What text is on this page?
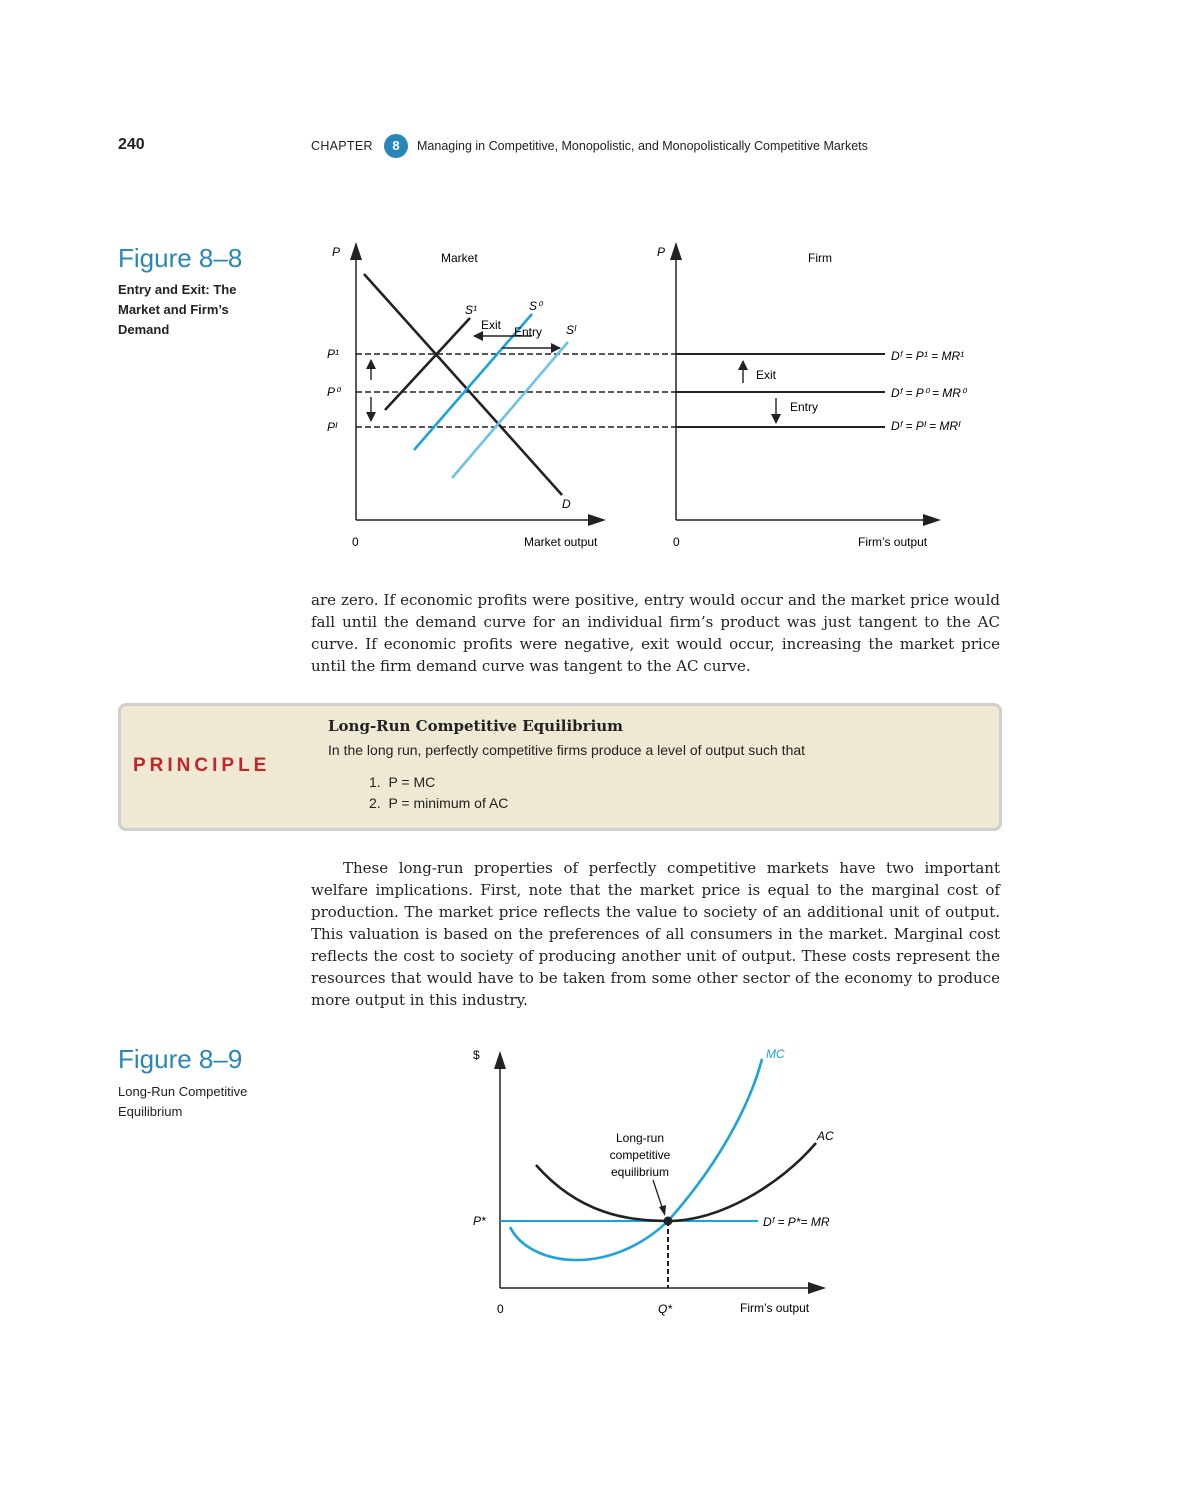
240	CHAPTER	8	Managing in Competitive, Monopolistic, and Monopolistically Competitive Markets
Figure 8–8
Entry and Exit: The Market and Firm’s Demand
P	Market	P	Firm
P¹
P⁰
Pᴵ
S¹	S⁰
Sᴵ
D
Exit Entry
0	Market output	0	Firm’s output
Dᶠ = P¹ = MR¹
Dᶠ = P⁰ = MR⁰
Dᶠ = Pᴵ = MRᴵ
Exit
Entry
are zero. If economic profits were positive, entry would occur and the market price would fall until the demand curve for an individual firm’s product was just tangent to the AC curve. If economic profits were negative, exit would occur, increasing the market price until the firm demand curve was tangent to the AC curve.
PRINCIPLE
Long-Run Competitive Equilibrium
In the long run, perfectly competitive firms produce a level of output such that
1.  P = MC
2.  P = minimum of AC
These long-run properties of perfectly competitive markets have two important welfare implications. First, note that the market price is equal to the marginal cost of production. The market price reflects the value to society of an additional unit of output. This valuation is based on the preferences of all consumers in the market. Marginal cost reflects the cost to society of producing another unit of output. These costs represent the resources that would have to be taken from some other sector of the economy to produce more output in this industry.
Figure 8–9
Long-Run Competitive Equilibrium
$	MC
AC
P*	Dᶠ = P*= MR
Long-run
competitive
equilibrium
0	Q*	Firm’s output
